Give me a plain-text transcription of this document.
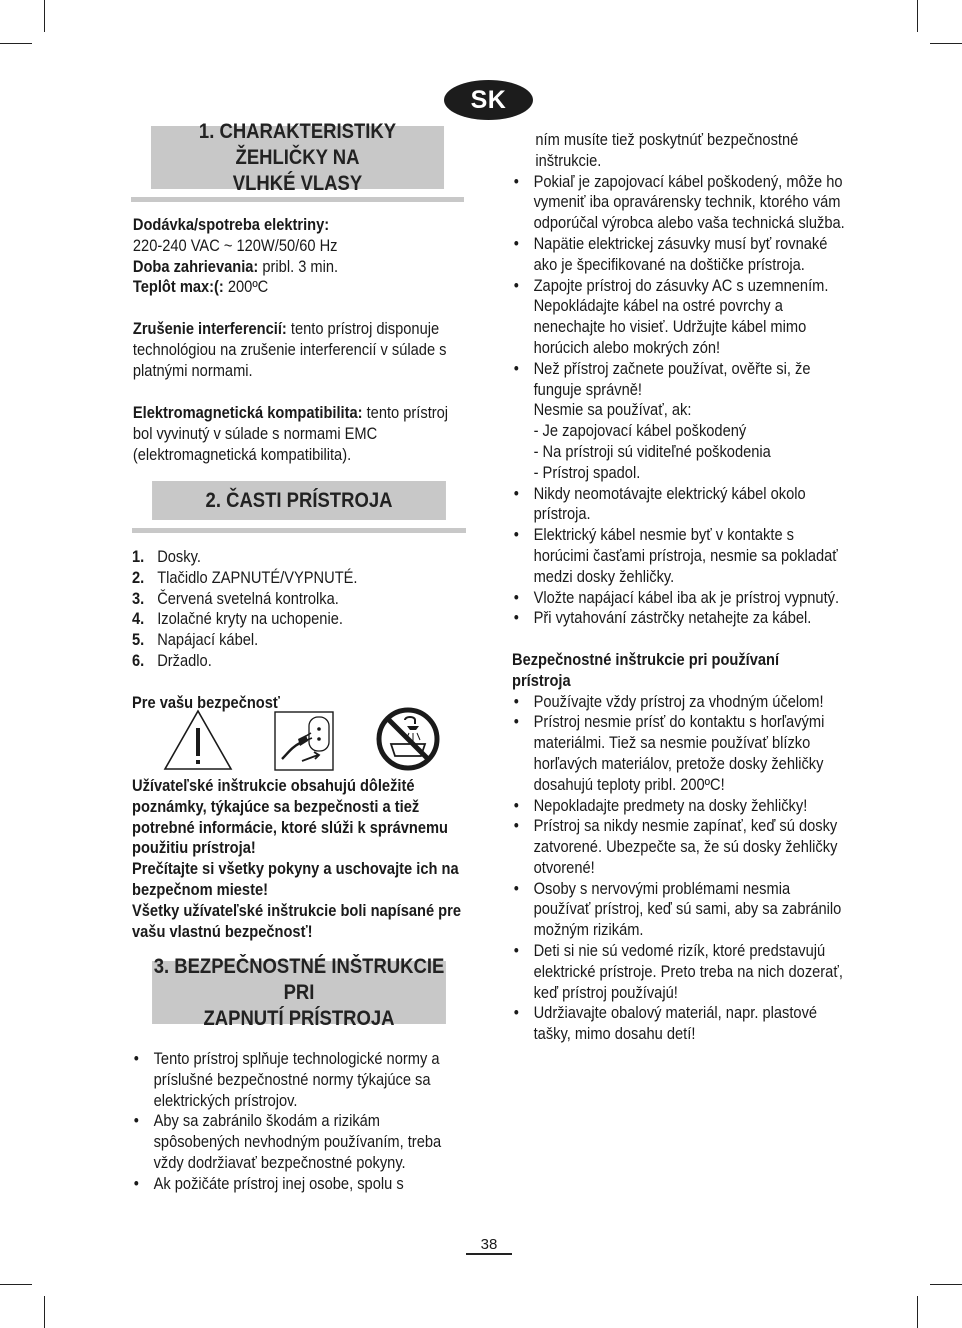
SK
1. CHARAKTERISTIKY ŽEHLIČKY NA
VLHKÉ VLASY
Dodávka/spotreba elektriny:
220-240 VAC ~ 120W/50/60 Hz
Doba zahrievania: pribl. 3 min.
Teplôt max:(: 200ºC
Zrušenie interferencií: tento prístroj disponuje technológiou na zrušenie interferencií v súlade s platnými normami.
Elektromagnetická kompatibilita: tento prístroj bol vyvinutý v súlade s normami EMC (elektromagnetická kompatibilita).
1. Dosky.
2. Tlačidlo ZAPNUTÉ/VYPNUTÉ.
3. Červená svetelná kontrolka.
4. Izolačné kryty na uchopenie.
5. Napájací kábel.
6. Držadlo.
Pre vašu bezpečnosť
Užívateľské inštrukcie obsahujú dôležité poznámky, týkajúce sa bezpečnosti a tiež potrebné informácie, ktoré slúži k správnemu použitiu prístroja!
Prečítajte si všetky pokyny a uschovajte ich na bezpečnom mieste!
Všetky užívateľské inštrukcie boli napísané pre vašu vlastnú bezpečnosť!
• Tento prístroj splňuje technologické normy a príslušné bezpečnostné normy týkajúce sa elektrických prístrojov.
• Aby sa zabránilo škodám a rizikám spôsobených nevhodným používaním, treba vždy dodržiavať bezpečnostné pokyny.
• Ak požičáte prístroj inej osobe, spolu s
2. ČASTI PRÍSTROJA
3. BEZPEČNOSTNÉ INŠTRUKCIE PRI
ZAPNUTÍ PRÍSTROJA
ním musíte tiež poskytnúť bezpečnostné inštrukcie.
• Pokiaľ je zapojovací kábel poškodený, môže ho vymeniť iba opravárensky technik, ktorého vám odporúčal výrobca alebo vaša technická služba.
• Napätie elektrickej zásuvky musí byť rovnaké ako je špecifikované na doštičke prístroja.
• Zapojte prístroj do zásuvky AC s uzemnením. Nepokládajte kábel na ostré povrchy a nenechajte ho visieť. Udržujte kábel mimo horúcich alebo mokrých zón!
• Než přístroj začnete používat, ověřte si, že funguje správně!
Nesmie sa používať, ak:
- Je zapojovací kábel poškodený
- Na prístroji sú viditeľné poškodenia
- Prístroj spadol.
• Nikdy neomotávajte elektrický kábel okolo prístroja.
• Elektrický kábel nesmie byť v kontakte s horúcimi časťami prístroja, nesmie sa pokladať medzi dosky žehličky.
• Vložte napájací kábel iba ak je prístroj vypnutý.
• Při vytahování zástrčky netahejte za kábel.
Bezpečnostné inštrukcie pri používaní
prístroja
• Používajte vždy prístroj za vhodným účelom!
• Prístroj nesmie prísť do kontaktu s horľavými materiálmi. Tiež sa nesmie používať blízko horľavých materiálov, pretože dosky žehličky dosahujú teploty pribl. 200ºC!
• Nepokladajte predmety na dosky žehličky!
• Prístroj sa nikdy nesmie zapínať, keď sú dosky zatvorené. Ubezpečte sa, že sú dosky žehličky otvorené!
• Osoby s nervovými problémami nesmia používať prístroj, keď sú sami, aby sa zabránilo možným rizikám.
• Deti si nie sú vedomé rizík, ktoré predstavujú elektrické prístroje. Preto treba na nich dozerať, keď prístroj používajú!
• Udržiavajte obalový materiál, napr. plastové tašky, mimo dosahu detí!
38
